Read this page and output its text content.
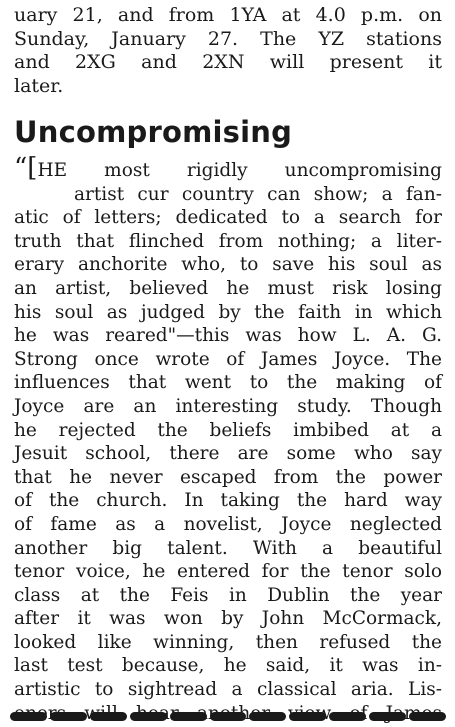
uary 21, and from 1YA at 4.0 p.m. on
Sunday, January 27. The YZ stations
and 2XG and 2XN will present it
later.
Uncompromising
“[HE most rigidly uncompromising
artist cur country can show; a fan-
atic of letters; dedicated to a search for
truth that flinched from nothing; a liter-
erary anchorite who, to save his soul as
an artist, believed he must risk losing
his soul as judged by the faith in which
he was reared"—this was how L. A. G.
Strong once wrote of James Joyce. The
influences that went to the making of
Joyce are an interesting study. Though
he rejected the beliefs imbibed at a
Jesuit school, there are some who say
that he never escaped from the power
of the church. In taking the hard way
of fame as a novelist, Joyce neglected
another big talent. With a beautiful
tenor voice, he entered for the tenor solo
class at the Feis in Dublin the year
after it was won by John McCormack,
looked like winning, then refused the
last test because, he said, it was in-
artistic to sightread a classical aria. Lis-
